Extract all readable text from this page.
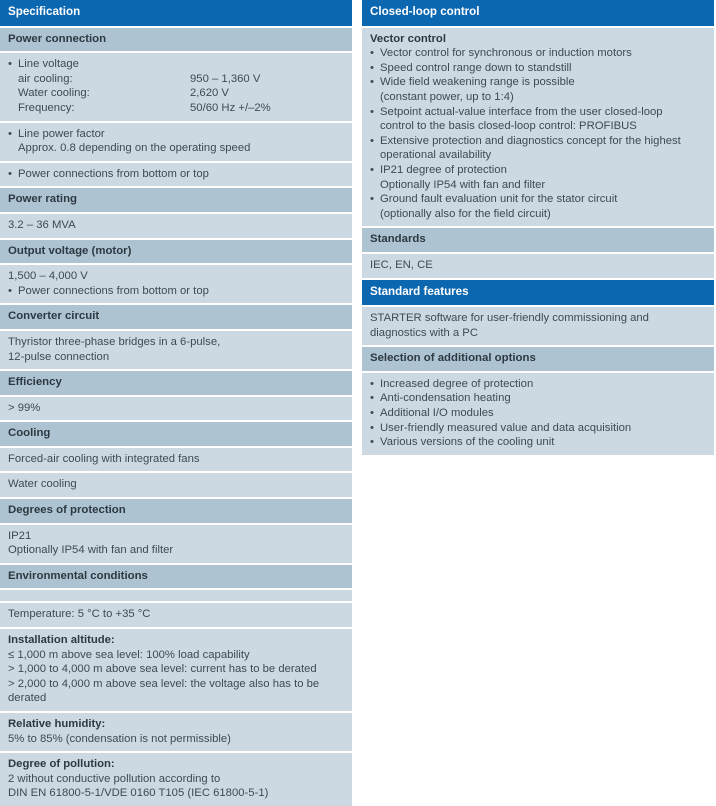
Specification
Power connection
• Line voltage
air cooling:	950 – 1,360 V
Water cooling:	2,620 V
Frequency:	50/60 Hz +/–2%
• Line power factor
Approx. 0.8 depending on the operating speed
• Power connections from bottom or top
Power rating
3.2 – 36 MVA
Output voltage (motor)
1,500 – 4,000 V
• Power connections from bottom or top
Converter circuit
Thyristor three-phase bridges in a 6-pulse,
12-pulse connection
Efficiency
> 99%
Cooling
Forced-air cooling with integrated fans
Water cooling
Degrees of protection
IP21
Optionally IP54 with fan and filter
Environmental conditions
Temperature: 5 °C to +35 °C
Installation altitude:
≤ 1,000 m above sea level: 100% load capability
> 1,000 to 4,000 m above sea level: current has to be derated
> 2,000 to 4,000 m above sea level: the voltage also has to be
derated
Relative humidity:
5% to 85% (condensation is not permissible)
Degree of pollution:
2 without conductive pollution according to
DIN EN 61800-5-1/VDE 0160 T105 (IEC 61800-5-1)
Closed-loop control
Vector control
• Vector control for synchronous or induction motors
• Speed control range down to standstill
• Wide field weakening range is possible
(constant power, up to 1:4)
• Setpoint actual-value interface from the user closed-loop
control to the basis closed-loop control: PROFIBUS
• Extensive protection and diagnostics concept for the highest
operational availability
• IP21 degree of protection
Optionally IP54 with fan and filter
• Ground fault evaluation unit for the stator circuit
(optionally also for the field circuit)
Standards
IEC, EN, CE
Standard features
STARTER software for user-friendly commissioning and
diagnostics with a PC
Selection of additional options
• Increased degree of protection
• Anti-condensation heating
• Additional I/O modules
• User-friendly measured value and data acquisition
• Various versions of the cooling unit
